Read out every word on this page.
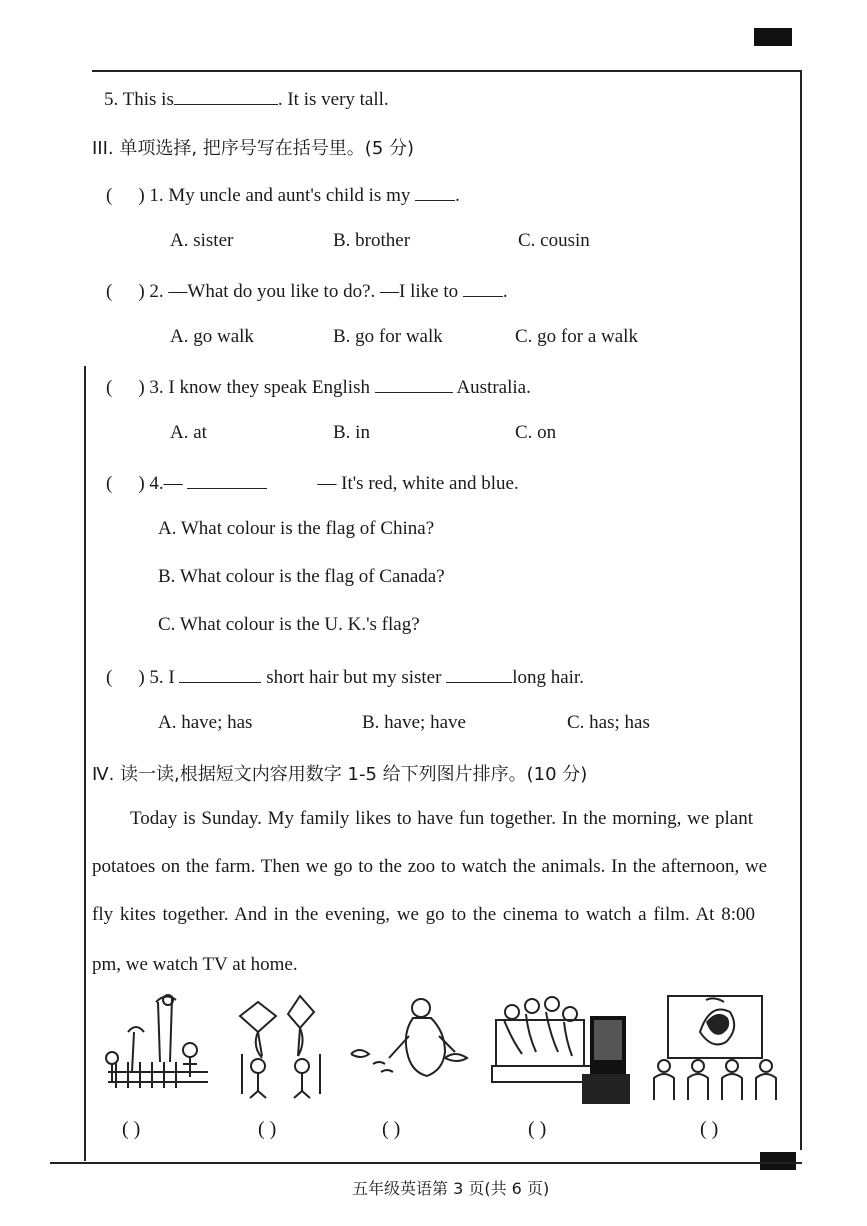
5. This is	. It is very tall.
III. 单项选择, 把序号写在括号里。(5 分)
( ) 1. My uncle and aunt's child is my .
A. sister	B. brother	C. cousin
( ) 2. —What do you like to do?. —I like to .
A. go walk	B. go for walk	C. go for a walk
( ) 3. I know they speak English	Australia.
A. at	B. in	C. on
( ) 4.—	— It's red, white and blue.
A. What colour is the flag of China?
B. What colour is the flag of Canada?
C. What colour is the U. K.'s flag?
( ) 5. I	short hair but my sister	long hair.
A. have; has	B. have; have	C. has; has
Ⅳ. 读一读,根据短文内容用数字 1-5 给下列图片排序。(10 分)
Today is Sunday. My family likes to have fun together. In the morning, we plant
potatoes on the farm. Then we go to the zoo to watch the animals. In the afternoon, we
fly kites together. And in the evening, we go to the cinema to watch a film. At 8:00
pm, we watch TV at home.
( )	( )	( )	( )	( )
五年级英语第 3 页(共 6 页)
